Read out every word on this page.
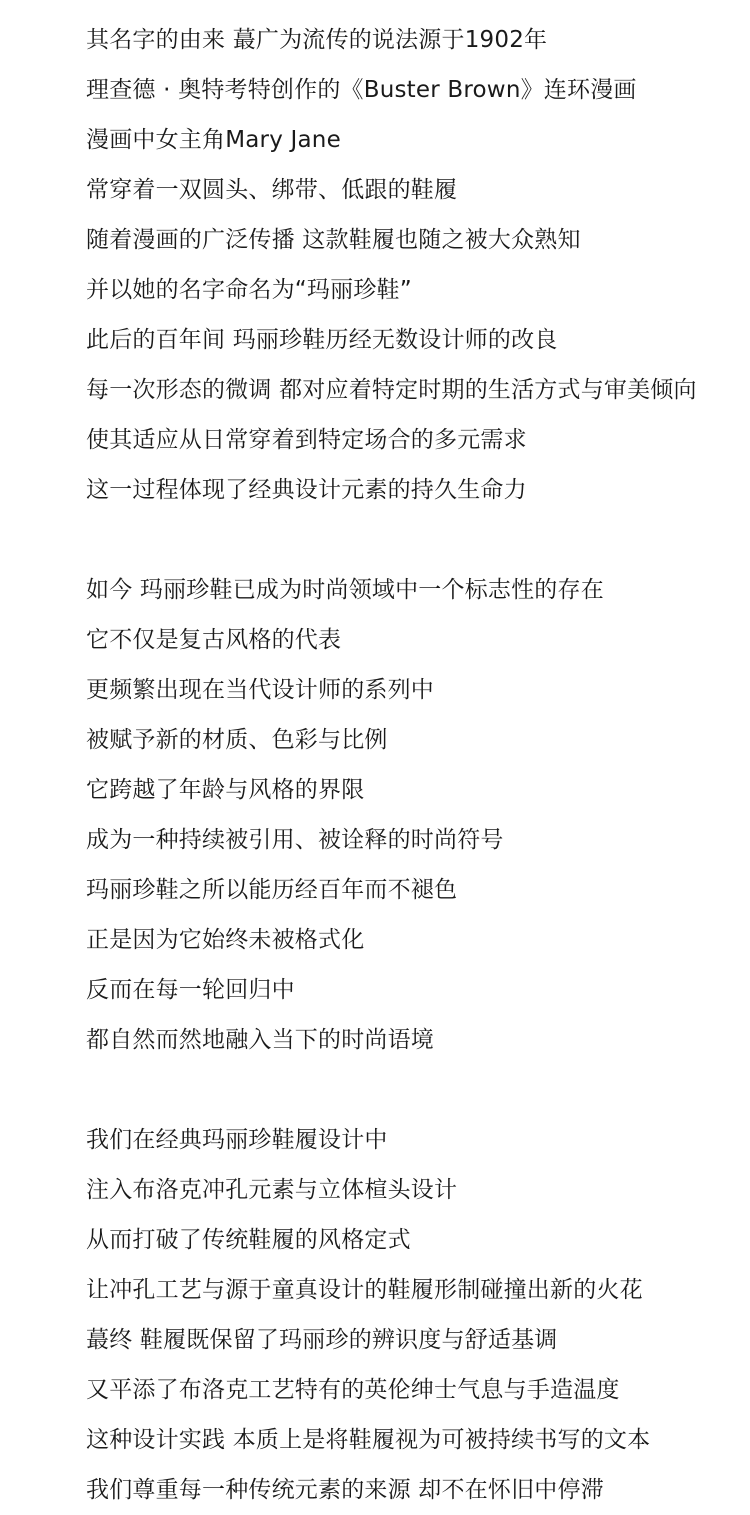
其名字的由来 蕞广为流传的说法源于1902年
理查德 · 奥特考特创作的《Buster Brown》连环漫画
漫画中女主角Mary Jane
常穿着一双圆头、绑带、低跟的鞋履
随着漫画的广泛传播 这款鞋履也随之被大众熟知
并以她的名字命名为“玛丽珍鞋”
此后的百年间 玛丽珍鞋历经无数设计师的改良
每一次形态的微调 都对应着特定时期的生活方式与审美倾向
使其适应从日常穿着到特定场合的多元需求
这一过程体现了经典设计元素的持久生命力
如今 玛丽珍鞋已成为时尚领域中一个标志性的存在
它不仅是复古风格的代表
更频繁出现在当代设计师的系列中
被赋予新的材质、色彩与比例
它跨越了年龄与风格的界限
成为一种持续被引用、被诠释的时尚符号
玛丽珍鞋之所以能历经百年而不褪色
正是因为它始终未被格式化
反而在每一轮回归中
都自然而然地融入当下的时尚语境
我们在经典玛丽珍鞋履设计中
注入布洛克冲孔元素与立体楦头设计
从而打破了传统鞋履的风格定式
让冲孔工艺与源于童真设计的鞋履形制碰撞出新的火花
蕞终 鞋履既保留了玛丽珍的辨识度与舒适基调
又平添了布洛克工艺特有的英伦绅士气息与手造温度
这种设计实践 本质上是将鞋履视为可被持续书写的文本
我们尊重每一种传统元素的来源 却不在怀旧中停滞
